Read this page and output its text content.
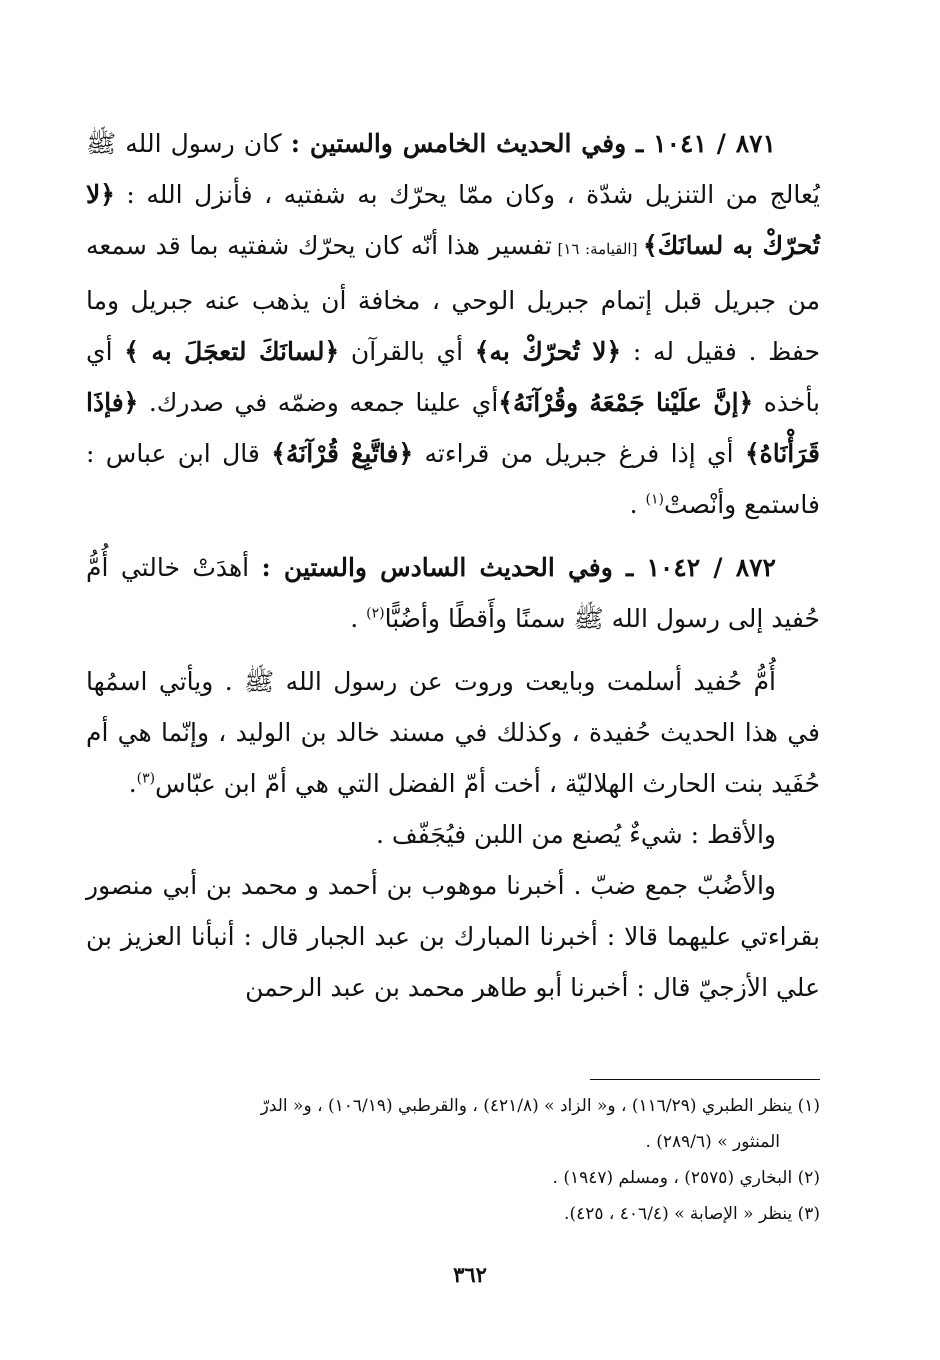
٨٧١ / ١٠٤١ ـ وفي الحديث الخامس والستين : كان رسول الله ﷺ يُعالج من التنزيل شدّة ، وكان ممّا يحرّك به شفتيه ، فأنزل الله : ﴿لا تُحرّكْ به لسانَكَ﴾ [القيامة: ١٦] تفسير هذا أنّه كان يحرّك شفتيه بما قد سمعه من جبريل قبل إتمام جبريل الوحي ، مخافة أن يذهب عنه جبريل وما حفظ . فقيل له : ﴿لا تُحرّكْ به﴾ أي بالقرآن ﴿لسانَكَ لتعجَلَ به ﴾ أي بأخذه ﴿إنَّ علَيْنا جَمْعَهُ وقُرْآنَهُ﴾أي علينا جمعه وضمّه في صدرك. ﴿فإذَا قَرَأْنَاهُ﴾ أي إذا فرغ جبريل من قراءته ﴿فاتَّبِعْ قُرْآنَهُ﴾ قال ابن عباس : فاستمع وأنْصتْ$^{(١)}$ .

٨٧٢ / ١٠٤٢ ـ وفي الحديث السادس والستين : أهدَتْ خالتي أُمُّ حُفيد إلى رسول الله ﷺ سمنًا وأَقطًا وأضُبًّا$^{(٢)}$ .

أُمُّ حُفيد أسلمت وبايعت وروت عن رسول الله ﷺ . ويأتي اسمُها في هذا الحديث حُفيدة ، وكذلك في مسند خالد بن الوليد ، وإنّما هي أم حُفَيد بنت الحارث الهلاليّة ، أخت أمّ الفضل التي هي أمّ ابن عبّاس$^{(٣)}$.

والأقط : شيءٌ يُصنع من اللبن فيُجَفّف .

والأضُبّ جمع ضبّ . أخبرنا موهوب بن أحمد و محمد بن أبي منصور بقراءتي عليهما قالا : أخبرنا المبارك بن عبد الجبار قال : أنبأنا العزيز بن علي الأزجيّ قال : أخبرنا أبو طاهر محمد بن عبد الرحمن

(١) ينظر الطبري (١١٦/٢٩) ، و« الزاد » (٤٢١/٨) ، والقرطبي (١٠٦/١٩) ، و« الدرّ

المنثور » (٢٨٩/٦) .

(٢) البخاري (٢٥٧٥) ، ومسلم (١٩٤٧) .

(٣) ينظر « الإصابة » (٤٠٦/٤ ، ٤٢٥).

٣٦٢
